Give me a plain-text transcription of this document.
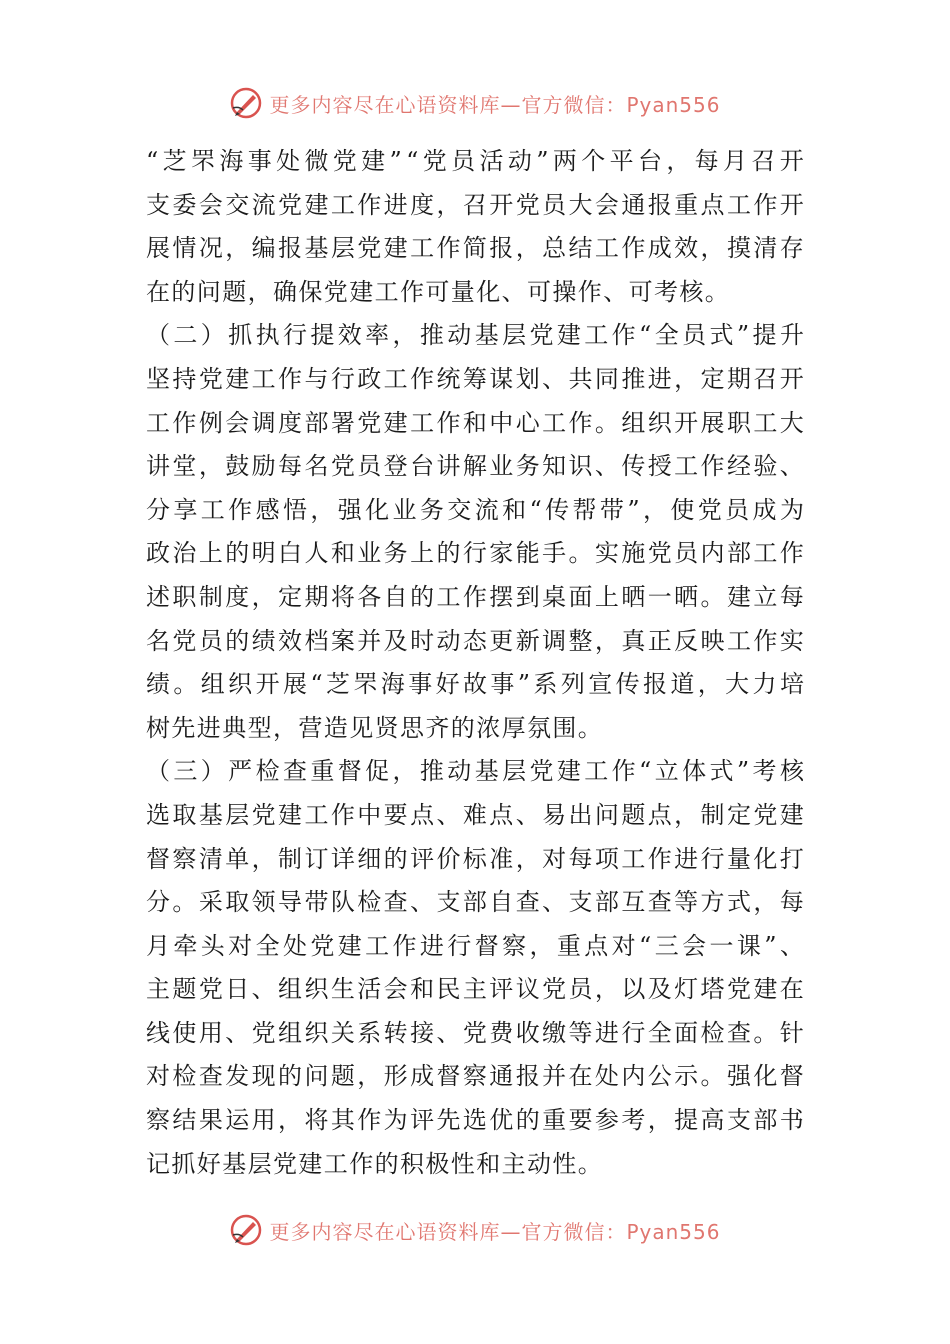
更多内容尽在心语资料库—官方微信：Pyan556
“ 芝 罘 海 事 处 微 党 建 ” “ 党 员 活 动 ” 两 个 平 台 ， 每 月 召 开
支 委 会 交 流 党 建 工 作 进 度 ， 召 开 党 员 大 会 通 报 重 点 工 作 开
展 情 况 ， 编 报 基 层 党 建 工 作 简 报 ， 总 结 工 作 成 效 ， 摸 清 存
在的问题，确保党建工作可量化、可操作、可考核。
（ 二 ） 抓 执 行 提 效 率 ， 推 动 基 层 党 建 工 作 “ 全 员 式 ” 提 升
坚 持 党 建 工 作 与 行 政 工 作 统 筹 谋 划 、 共 同 推 进 ， 定 期 召 开
工 作 例 会 调 度 部 署 党 建 工 作 和 中 心 工 作 。 组 织 开 展 职 工 大
讲 堂 ， 鼓 励 每 名 党 员 登 台 讲 解 业 务 知 识 、 传 授 工 作 经 验 、
分 享 工 作 感 悟 ， 强 化 业 务 交 流 和 “ 传 帮 带 ” ， 使 党 员 成 为
政 治 上 的 明 白 人 和 业 务 上 的 行 家 能 手 。 实 施 党 员 内 部 工 作
述 职 制 度 ， 定 期 将 各 自 的 工 作 摆 到 桌 面 上 晒 一 晒 。 建 立 每
名 党 员 的 绩 效 档 案 并 及 时 动 态 更 新 调 整 ， 真 正 反 映 工 作 实
绩 。 组 织 开 展 “ 芝 罘 海 事 好 故 事 ” 系 列 宣 传 报 道 ， 大 力 培
树先进典型，营造见贤思齐的浓厚氛围。
（ 三 ） 严 检 查 重 督 促 ， 推 动 基 层 党 建 工 作 “ 立 体 式 ” 考 核
选 取 基 层 党 建 工 作 中 要 点 、 难 点 、 易 出 问 题 点 ， 制 定 党 建
督 察 清 单 ， 制 订 详 细 的 评 价 标 准 ， 对 每 项 工 作 进 行 量 化 打
分 。 采 取 领 导 带 队 检 查 、 支 部 自 查 、 支 部 互 查 等 方 式 ， 每
月 牵 头 对 全 处 党 建 工 作 进 行 督 察 ， 重 点 对 “ 三 会 一 课 ” 、
主 题 党 日 、 组 织 生 活 会 和 民 主 评 议 党 员 ， 以 及 灯 塔 党 建 在
线 使 用 、 党 组 织 关 系 转 接 、 党 费 收 缴 等 进 行 全 面 检 查 。 针
对 检 查 发 现 的 问 题 ， 形 成 督 察 通 报 并 在 处 内 公 示 。 强 化 督
察 结 果 运 用 ， 将 其 作 为 评 先 选 优 的 重 要 参 考 ， 提 高 支 部 书
记抓好基层党建工作的积极性和主动性。
更多内容尽在心语资料库—官方微信：Pyan556
